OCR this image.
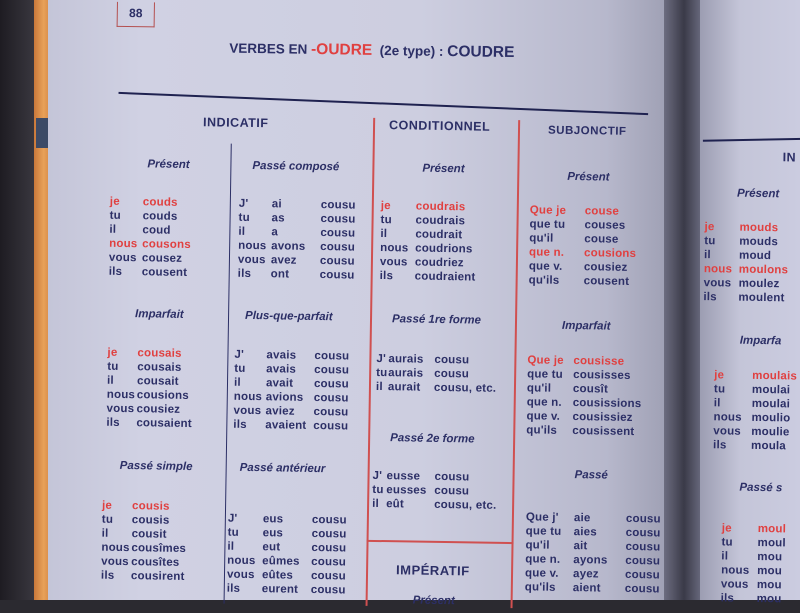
88
VERBES EN -OUDRE (2e type) : COUDRE
INDICATIF	CONDITIONNEL	SUBJONCTIF
IMPÉRATIF
Présent
IN
Présent
je couds
tu couds
il coud
nous cousons
vous cousez
ils cousent
Passé composé
J' ai	cousu
tu as	cousu
il a	cousu
nous avons cousu
vous avez cousu
ils ont	cousu
Imparfait
je cousais
tu cousais
il cousait
nous cousions
vous cousiez
ils cousaient
Plus-que-parfait
J' avais cousu
tu avais cousu
il avait cousu
nous avions cousu
vous aviez cousu
ils avaient cousu
Passé simple
je cousis
tu cousis
il cousit
nous cousîmes
vous cousîtes
ils cousirent
Passé antérieur
J' eus cousu
tu eus cousu
il eut	cousu
nous eûmes cousu
vous eûtes cousu
ils eurent cousu
Présent
je coudrais
tu coudrais
il coudrait
nous coudrions
vous coudriez
ils coudraient
Passé 1re forme
J' aurais cousu
tu aurais cousu
il aurait cousu, etc.
Passé 2e forme
J' eusse cousu
tu eusses cousu
il eût	cousu, etc.
Présent
Que je couse
que tu couses
qu'il	couse
que n. cousions
que v. cousiez
qu'ils cousent
Imparfait
Que je cousisse
que tu cousisses
qu'il cousît
que n. cousissions
que v. cousissiez
qu'ils cousissent
Passé
Que j' aie	cousu
que tu aies cousu
qu'il ait	cousu
que n. ayons cousu
que v. ayez cousu
qu'ils aient cousu
Présent
je mouds
tu mouds
il moud
nous moulons
vous moulez
ils moulent
Imparfa
je moulais
tu moulai
il	moulai
nous moulio
vous moulie
ils moula
Passé s
je moul
tu moul
il	mou
nous mou
vous mou
ils mou
